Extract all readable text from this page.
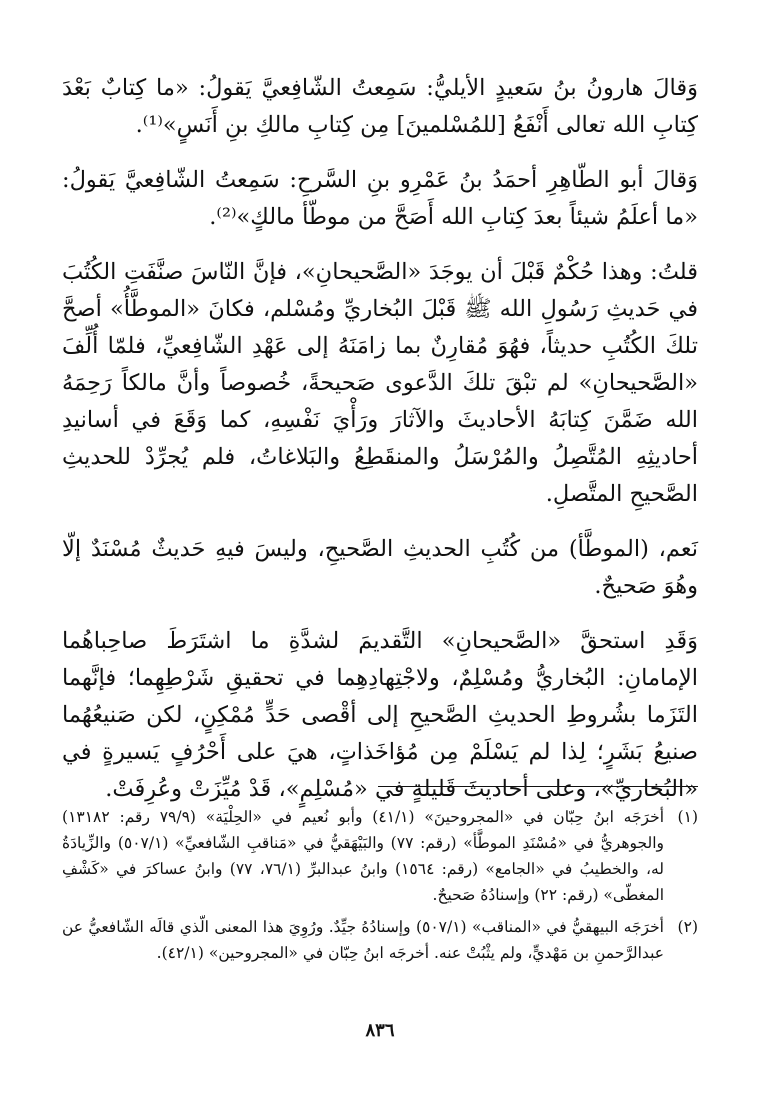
وَقالَ هارونُ بنُ سَعيدٍ الأيليُّ: سَمِعتُ الشّافِعيَّ يَقولُ: «ما كِتابٌ بَعْدَ كِتابِ الله تعالى أَنْفَعُ [للمُسْلمينَ] مِن كِتابِ مالكِ بنِ أَنَسٍ»⁽¹⁾.

وَقالَ أبو الطّاهِرِ أحمَدُ بنُ عَمْرِو بنِ السَّرحِ: سَمِعتُ الشّافِعيَّ يَقولُ: «ما أعلَمُ شيئاً بعدَ كِتابِ الله أَصَحَّ من موطّأ مالكٍ»⁽²⁾.

قلتُ: وهذا حُكْمٌ قَبْلَ أن يوجَدَ «الصَّحيحانِ»، فإنَّ النّاسَ صنَّفَتِ الكُتُبَ في حَديثِ رَسُولِ الله ﷺ قَبْلَ البُخاريِّ ومُسْلم، فكانَ «الموطَّأُ» أصحَّ تلكَ الكُتُبِ حديثاً، فهُوَ مُقارِنٌ بما زامَنَهُ إلى عَهْدِ الشّافِعيِّ، فلمّا أُلِّفَ «الصَّحيحانِ» لم تبْقَ تلكَ الدَّعوى صَحيحةً، خُصوصاً وأنَّ مالكاً رَحِمَهُ الله ضَمَّنَ كِتابَهُ الأحاديثَ والآثارَ ورَأْيَ نَفْسِهِ، كما وَقَعَ في أسانيدِ أحاديثِهِ المُتَّصِلُ والمُرْسَلُ والمنقَطِعُ والبَلاغاتُ، فلم يُجرِّدْ للحديثِ الصَّحيحِ المتَّصلِ.

نَعم، (الموطَّأ) من كُتُبِ الحديثِ الصَّحيحِ، وليسَ فيهِ حَديثٌ مُسْنَدٌ إلّا وهُوَ صَحيحٌ.

وَقَدِ استحقَّ «الصَّحيحانِ» التَّقديمَ لشدَّةِ ما اشتَرَطَ صاحِباهُما الإمامانِ: البُخاريُّ ومُسْلِمٌ، ولاجْتِهادِهِما في تحقيقِ شَرْطِهِما؛ فإنَّهما التَزَما بشُروطِ الحديثِ الصَّحيحِ إلى أقْصى حَدٍّ مُمْكِنٍ، لكن صَنيعُهُما صنيعُ بَشَرٍ؛ لِذا لم يَسْلَمْ مِن مُؤاخَذاتٍ، هيَ على أَحْرُفٍ يَسيرةٍ في «البُخاريِّ»، وعلى أحاديثَ قَليلةٍ في «مُسْلِمٍ»، قَدْ مُيِّزَتْ وعُرِفَتْ.

(١)
أخرَجَه ابنُ حِبّان في «المجروحينَ» (٤١/١) وأبو نُعيم في «الحِلْيَة» (٧٩/٩ رقم: ١٣١٨٢) والجوهريُّ في «مُسْنَدِ الموطَّأ» (رقم: ٧٧) والبَيْهَقيُّ في «مَناقبِ الشّافعيِّ» (٥٠٧/١) والزِّيادَةُ له، والخطيبُ في «الجامع» (رقم: ١٥٦٤) وابنُ عبدالبرِّ (٧٦/١، ٧٧) وابنُ عساكرَ في «كَشْفِ المغطّى» (رقم: ٢٢) وإسنادُهُ صَحيحٌ.
(٢)
أخرَجَه البيهقيُّ في «المناقب» (٥٠٧/١) وإسنادُهُ جيِّدٌ. ورُوِيَ هذا المعنى الّذي قالَه الشّافعيُّ عن عبدالرَّحمنِ بن مَهْديٍّ، ولم يثْبُتْ عنه. أخرجَه ابنُ حِبّان في «المجروحين» (٤٢/١).
٨٣٦
